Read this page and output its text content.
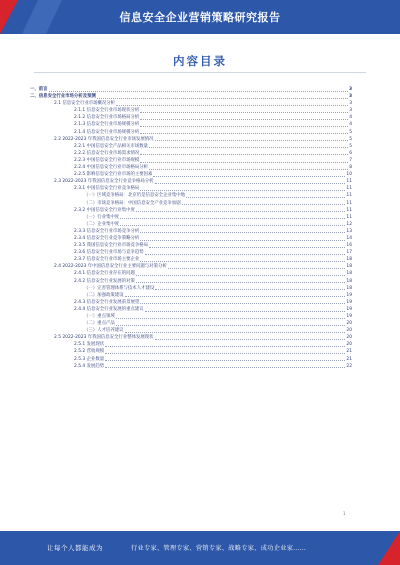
信息安全企业营销策略研究报告
内容目录
一、前言	3
二、信息安全行业市场分析及预测	3
2.1 信息安全行业市场概况分析	3
2.1.1 信息安全行业市场现状分析	3
2.1.2 信息安全行业市场格局分析	4
2.1.3 信息安全行业市场规模分析	4
2.1.4 信息安全行业市场规模分析	5
2.2 2022-2023 年我国信息安全行业市场发展情况	5
2.2.1 中国信息安全产品相关市场数量	5
2.2.2 信息安全行业市场需求情况	6
2.2.3 中国信息安全行业市场规模	7
2.2.4 中国信息安全行业市场格局分析	8
2.2.5 影响信息安全行业市场的主要因素	10
2.3 2022-2023 年我国信息安全行业竞争格局分析	11
2.3.1 中国信息安全行业竞争格局	11
（一）区域竞争格局：北京仍是信息安全企业集中地	11
（二）市场竞争格局：中国信息安全产业竞争加剧	11
2.3.2 中国信息安全行业集中度	11
（一）行业集中度	11
（二）企业集中度	12
2.3.3 信息安全行业市场竞争分析	13
2.3.4 信息安全行业竞争策略分析	14
2.3.5 我国信息安全行业市场竞争格局	16
2.3.6 信息安全行业市场与竞争趋势	17
2.3.7 信息安全行业市场主要企业	18
2.4 2022-2023 年中国信息安全行业主要问题与对策分析	18
2.4.1 信息安全行业存在的问题	18
2.4.2 信息安全行业发展的对策	18
（一）完善管理体系与技术人才建设	18
（二）加强政策建设	19
2.4.3 信息安全行业发展前景展望	19
2.4.4 信息安全行业发展的重点建议	19
（一）重点领域	19
（二）重点产品	20
（三）人才培养建议	20
2.5 2022-2023 年我国信息安全行业整体发展现状	20
2.5.1 发展现状	20
2.5.2 营收规模	21
2.5.3 企业数量	21
2.5.4 发展趋势	22
1
让每个人都能成为	行业专家、管理专家、营销专家、战略专家、成功企业家……
